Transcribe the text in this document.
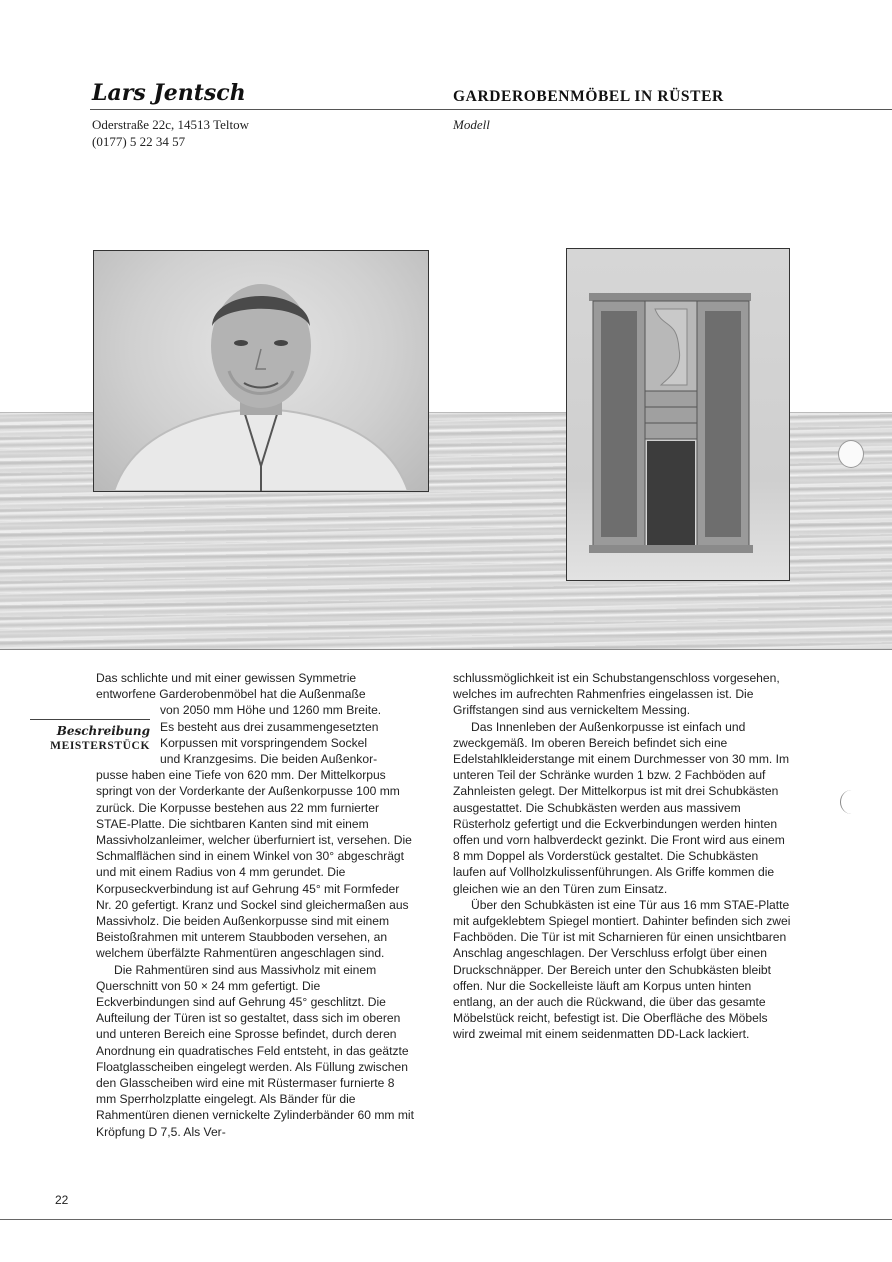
Lars Jentsch
Oderstraße 22c, 14513 Teltow
(0177) 5 22 34 57
GARDEROBENMÖBEL IN RÜSTER
Modell
Beschreibung
MEISTERSTÜCK

Das schlichte und mit einer gewissen Symmetrie
entworfene Garderobenmöbel hat die Außenmaße
von 2050 mm Höhe und 1260 mm Breite.
Es besteht aus drei zusammengesetzten
Korpussen mit vorspringendem Sockel
und Kranzgesims. Die beiden Außenkor-
pusse haben eine Tiefe von 620 mm. Der Mittelkorpus springt von der Vorderkante der Außenkorpusse 100 mm zurück. Die Korpusse bestehen aus 22 mm furnierter STAE-Platte. Die sichtbaren Kanten sind mit einem Massivholzanleimer, welcher überfurniert ist, versehen. Die Schmalflächen sind in einem Winkel von 30° abgeschrägt und mit einem Radius von 4 mm gerundet. Die Korpuseckverbindung ist auf Gehrung 45° mit Formfeder Nr. 20 gefertigt. Kranz und Sockel sind gleichermaßen aus Massivholz. Die beiden Außenkorpusse sind mit einem Beistoßrahmen mit unterem Staubboden versehen, an welchem überfälzte Rahmentüren angeschlagen sind.

Die Rahmentüren sind aus Massivholz mit einem Querschnitt von 50 × 24 mm gefertigt. Die Eckverbindungen sind auf Gehrung 45° geschlitzt. Die Aufteilung der Türen ist so gestaltet, dass sich im oberen und unteren Bereich eine Sprosse befindet, durch deren Anordnung ein quadratisches Feld entsteht, in das geätzte Floatglasscheiben eingelegt werden. Als Füllung zwischen den Glasscheiben wird eine mit Rüstermaser furnierte 8 mm Sperrholzplatte eingelegt. Als Bänder für die Rahmentüren dienen vernickelte Zylinderbänder 60 mm mit Kröpfung D 7,5. Als Ver-

schlussmöglichkeit ist ein Schubstangenschloss vorgesehen, welches im aufrechten Rahmenfries eingelassen ist. Die Griffstangen sind aus vernickeltem Messing.

Das Innenleben der Außenkorpusse ist einfach und zweckgemäß. Im oberen Bereich befindet sich eine Edelstahlkleiderstange mit einem Durchmesser von 30 mm. Im unteren Teil der Schränke wurden 1 bzw. 2 Fachböden auf Zahnleisten gelegt. Der Mittelkorpus ist mit drei Schubkästen ausgestattet. Die Schubkästen werden aus massivem Rüsterholz gefertigt und die Eckverbindungen werden hinten offen und vorn halbverdeckt gezinkt. Die Front wird aus einem 8 mm Doppel als Vorderstück gestaltet. Die Schubkästen laufen auf Vollholzkulissenführungen. Als Griffe kommen die gleichen wie an den Türen zum Einsatz.

Über den Schubkästen ist eine Tür aus 16 mm STAE-Platte mit aufgeklebtem Spiegel montiert. Dahinter befinden sich zwei Fachböden. Die Tür ist mit Scharnieren für einen unsichtbaren Anschlag angeschlagen. Der Verschluss erfolgt über einen Druckschnäpper. Der Bereich unter den Schubkästen bleibt offen. Nur die Sockelleiste läuft am Korpus unten hinten entlang, an der auch die Rückwand, die über das gesamte Möbelstück reicht, befestigt ist. Die Oberfläche des Möbels wird zweimal mit einem seidenmatten DD-Lack lackiert.

22
